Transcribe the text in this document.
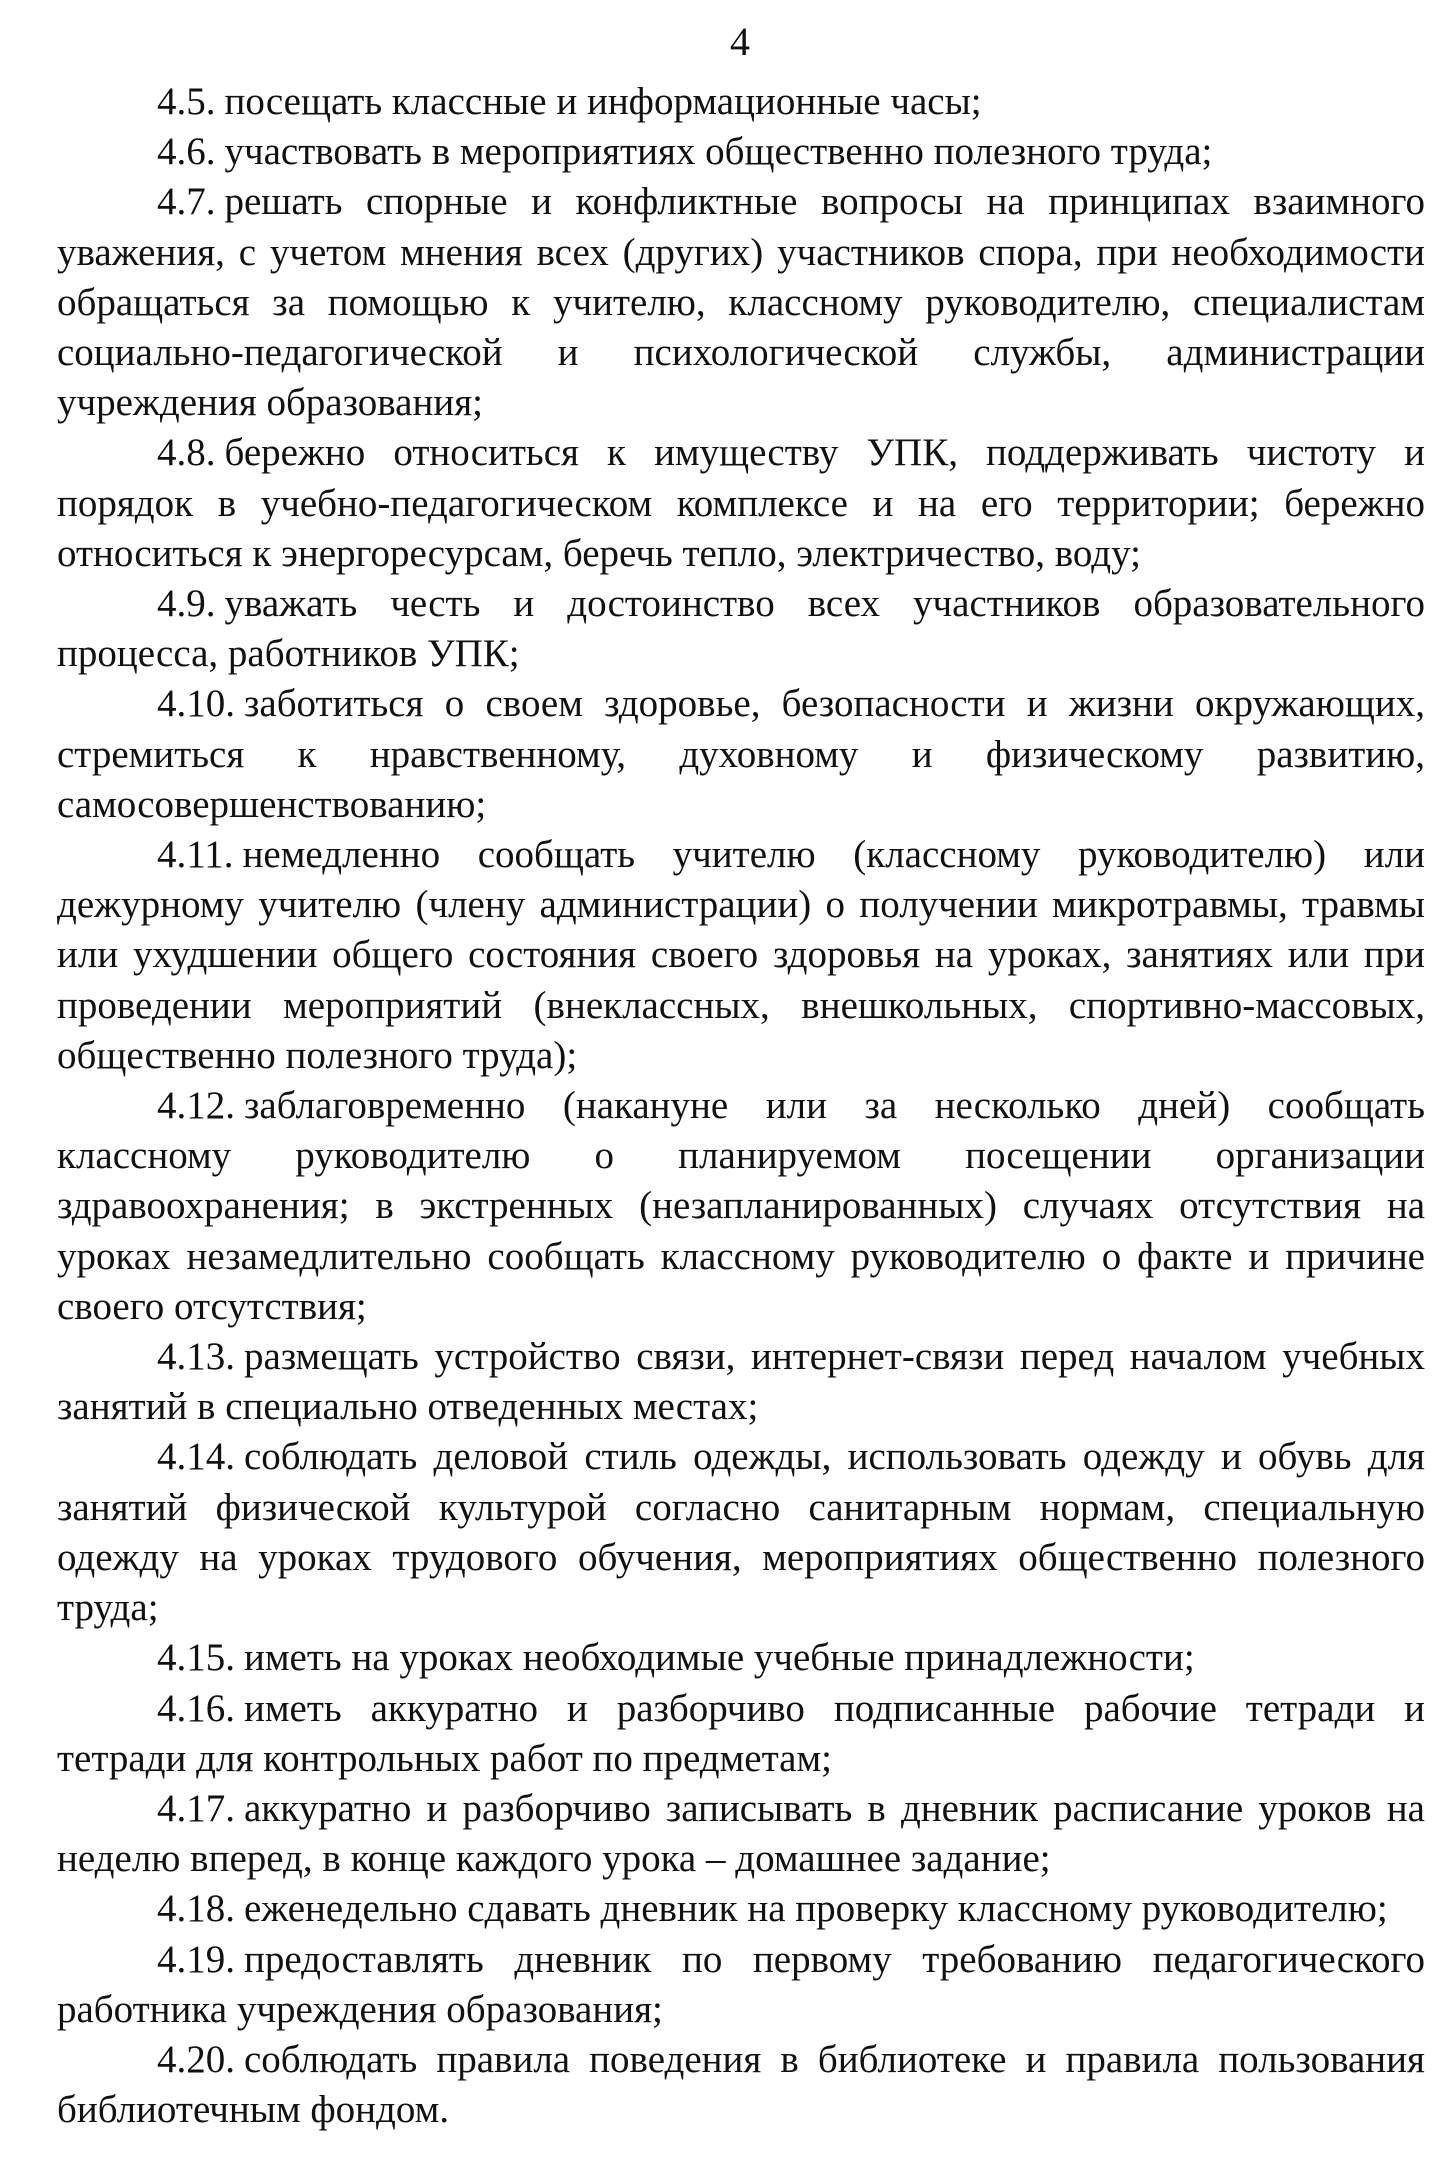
4

4.5. посещать классные и информационные часы;

4.6. участвовать в мероприятиях общественно полезного труда;

4.7. решать спорные и конфликтные вопросы на принципах взаимного уважения, с учетом мнения всех (других) участников спора, при необходимости обращаться за помощью к учителю, классному руководителю, специалистам социально-педагогической и психологической службы, администрации учреждения образования;

4.8. бережно относиться к имуществу УПК, поддерживать чистоту и порядок в учебно-педагогическом комплексе и на его территории; бережно относиться к энергоресурсам, беречь тепло, электричество, воду;

4.9. уважать честь и достоинство всех участников образовательного процесса, работников УПК;

4.10. заботиться о своем здоровье, безопасности и жизни окружающих, стремиться к нравственному, духовному и физическому развитию, самосовершенствованию;

4.11. немедленно сообщать учителю (классному руководителю) или дежурному учителю (члену администрации) о получении микротравмы, травмы или ухудшении общего состояния своего здоровья на уроках, занятиях или при проведении мероприятий (внеклассных, внешкольных, спортивно-массовых, общественно полезного труда);

4.12. заблаговременно (накануне или за несколько дней) сообщать классному руководителю о планируемом посещении организации здравоохранения; в экстренных (незапланированных) случаях отсутствия на уроках незамедлительно сообщать классному руководителю о факте и причине своего отсутствия;

4.13. размещать устройство связи, интернет-связи перед началом учебных занятий в специально отведенных местах;

4.14. соблюдать деловой стиль одежды, использовать одежду и обувь для занятий физической культурой согласно санитарным нормам, специальную одежду на уроках трудового обучения, мероприятиях общественно полезного труда;

4.15. иметь на уроках необходимые учебные принадлежности;

4.16. иметь аккуратно и разборчиво подписанные рабочие тетради и тетради для контрольных работ по предметам;

4.17. аккуратно и разборчиво записывать в дневник расписание уроков на неделю вперед, в конце каждого урока – домашнее задание;

4.18. еженедельно сдавать дневник на проверку классному руководителю;

4.19. предоставлять дневник по первому требованию педагогического работника учреждения образования;

4.20. соблюдать правила поведения в библиотеке и правила пользования библиотечным фондом.
